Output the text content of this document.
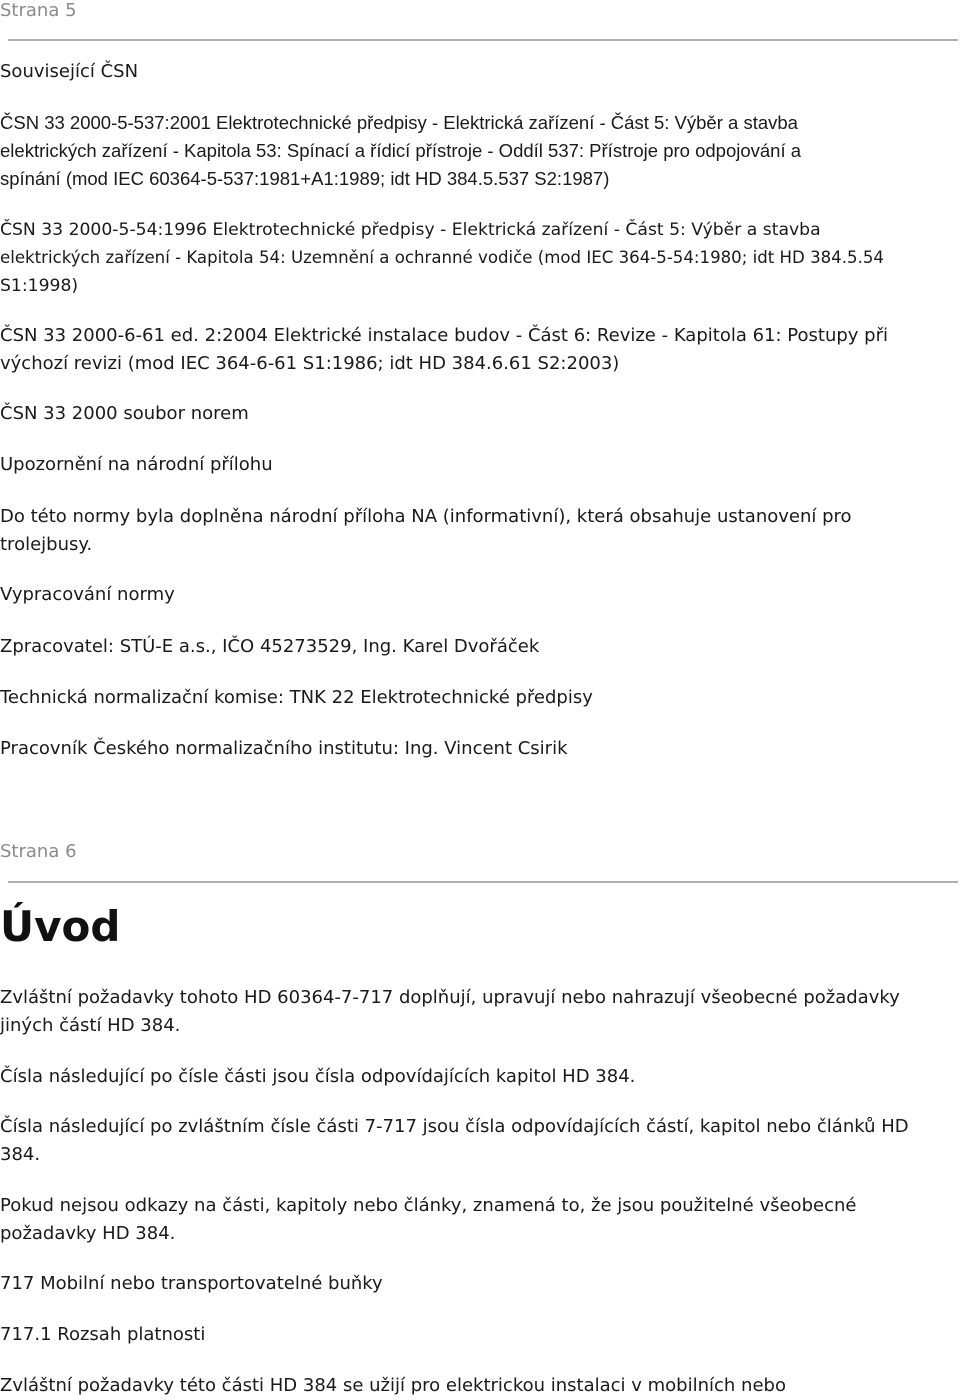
Strana 5

Související ČSN

ČSN 33 2000-5-537:2001 Elektrotechnické předpisy - Elektrická zařízení - Část 5: Výběr a stavba
elektrických zařízení - Kapitola 53: Spínací a řídicí přístroje - Oddíl 537: Přístroje pro odpojování a
spínání (mod IEC 60364-5-537:1981+A1:1989; idt HD 384.5.537 S2:1987)

ČSN 33 2000-5-54:1996 Elektrotechnické předpisy - Elektrická zařízení - Část 5: Výběr a stavba
elektrických zařízení - Kapitola 54: Uzemnění a ochranné vodiče (mod IEC 364-5-54:1980; idt HD 384.5.54
S1:1998)

ČSN 33 2000-6-61 ed. 2:2004 Elektrické instalace budov - Část 6: Revize - Kapitola 61: Postupy při
výchozí revizi (mod IEC 364-6-61 S1:1986; idt HD 384.6.61 S2:2003)

ČSN 33 2000 soubor norem

Upozornění na národní přílohu

Do této normy byla doplněna národní příloha NA (informativní), která obsahuje ustanovení pro
trolejbusy.

Vypracování normy

Zpracovatel: STÚ-E a.s., IČO 45273529, Ing. Karel Dvořáček

Technická normalizační komise: TNK 22 Elektrotechnické předpisy

Pracovník Českého normalizačního institutu: Ing. Vincent Csirik

Strana 6
Úvod

Zvláštní požadavky tohoto HD 60364-7-717 doplňují, upravují nebo nahrazují všeobecné požadavky
jiných částí HD 384.

Čísla následující po čísle části jsou čísla odpovídajících kapitol HD 384.

Čísla následující po zvláštním čísle části 7-717 jsou čísla odpovídajících částí, kapitol nebo článků HD
384.

Pokud nejsou odkazy na části, kapitoly nebo články, znamená to, že jsou použitelné všeobecné
požadavky HD 384.

717 Mobilní nebo transportovatelné buňky

717.1 Rozsah platnosti

Zvláštní požadavky této části HD 384 se užijí pro elektrickou instalaci v mobilních nebo
